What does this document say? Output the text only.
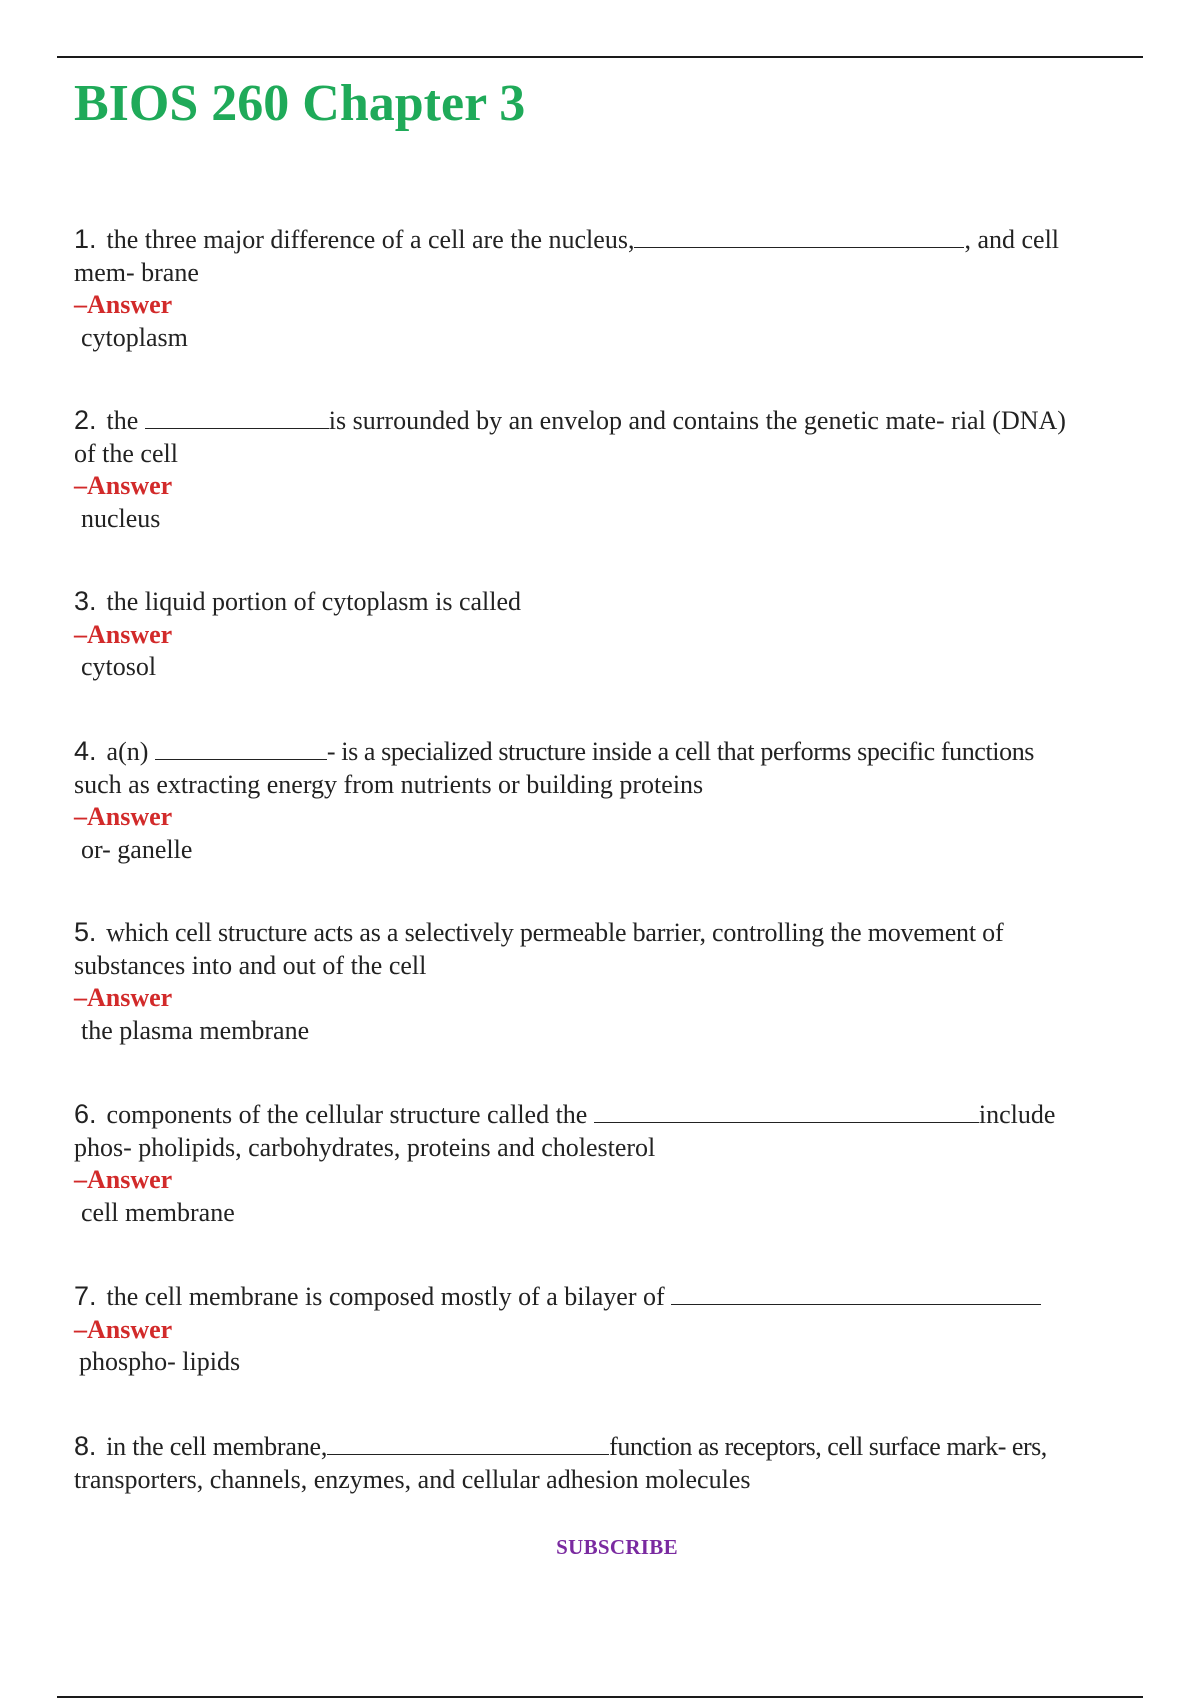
BIOS 260 Chapter 3
1. the three major difference of a cell are the nucleus,	, and cell
mem- brane
–Answer
cytoplasm
2. the	is surrounded by an envelop and contains the genetic mate- rial (DNA)
of the cell
–Answer
nucleus
3. the liquid portion of cytoplasm is called
–Answer
cytosol
4. a(n)	- is a specialized structure inside a cell that performs specific functions
such as extracting energy from nutrients or building proteins
–Answer
or- ganelle
5. which cell structure acts as a selectively permeable barrier, controlling the movement of
substances into and out of the cell
–Answer
the plasma membrane
6. components of the cellular structure called the	include
phos- pholipids, carbohydrates, proteins and cholesterol
–Answer
cell membrane
7. the cell membrane is composed mostly of a bilayer of
–Answer
phospho- lipids
8. in the cell membrane,	function as receptors, cell surface mark- ers,
transporters, channels, enzymes, and cellular adhesion molecules
SUBSCRIBE
